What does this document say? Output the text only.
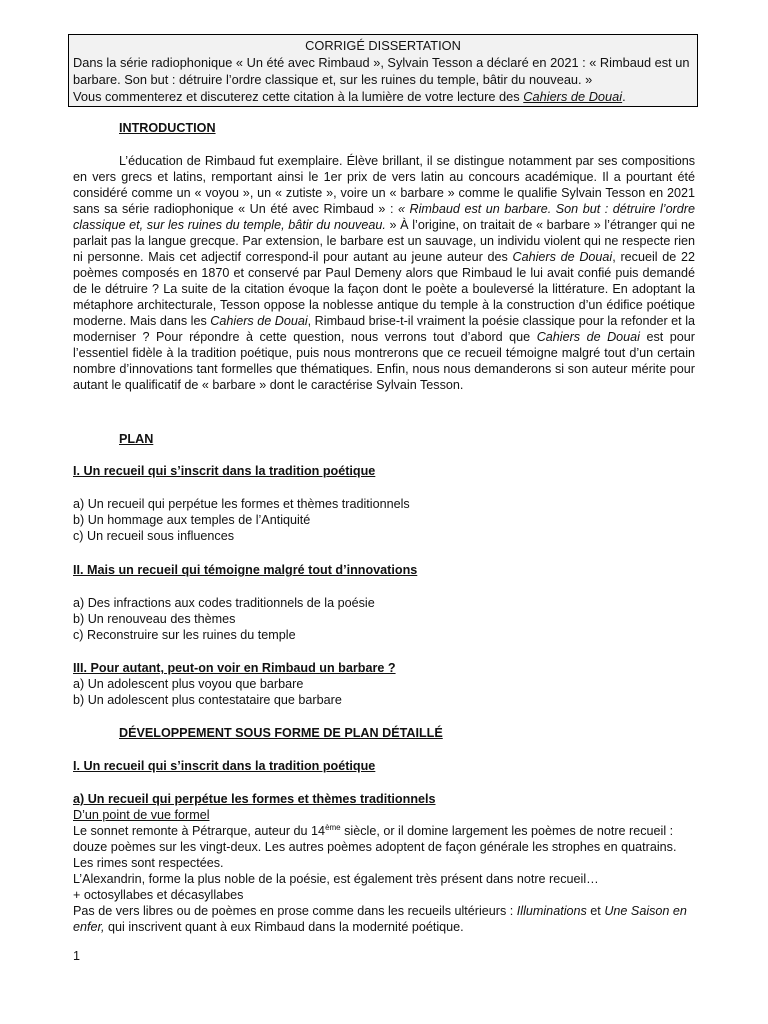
CORRIGÉ DISSERTATION
Dans la série radiophonique « Un été avec Rimbaud », Sylvain Tesson a déclaré en 2021 : « Rimbaud est un
barbare. Son but : détruire l’ordre classique et, sur les ruines du temple, bâtir du nouveau. »
Vous commenterez et discuterez cette citation à la lumière de votre lecture des Cahiers de Douai.
INTRODUCTION

L’éducation de Rimbaud fut exemplaire. Élève brillant, il se distingue notamment par ses compositions en vers grecs et latins, remportant ainsi le 1er prix de vers latin au concours académique. Il a pourtant été considéré comme un « voyou », un « zutiste », voire un « barbare » comme le qualifie Sylvain Tesson en 2021 sans sa série radiophonique « Un été avec Rimbaud » : « Rimbaud est un barbare. Son but : détruire l’ordre classique et, sur les ruines du temple, bâtir du nouveau. » À l’origine, on traitait de « barbare » l’étranger qui ne parlait pas la langue grecque. Par extension, le barbare est un sauvage, un individu violent qui ne respecte rien ni personne. Mais cet adjectif correspond-il pour autant au jeune auteur des Cahiers de Douai, recueil de 22 poèmes composés en 1870 et conservé par Paul Demeny alors que Rimbaud le lui avait confié puis demandé de le détruire ? La suite de la citation évoque la façon dont le poète a bouleversé la littérature. En adoptant la métaphore architecturale, Tesson oppose la noblesse antique du temple à la construction d’un édifice poétique moderne. Mais dans les Cahiers de Douai, Rimbaud brise-t-il vraiment la poésie classique pour la refonder et la moderniser ? Pour répondre à cette question, nous verrons tout d’abord que Cahiers de Douai est pour l’essentiel fidèle à la tradition poétique, puis nous montrerons que ce recueil témoigne malgré tout d’un certain nombre d’innovations tant formelles que thématiques. Enfin, nous nous demanderons si son auteur mérite pour autant le qualificatif de « barbare » dont le caractérise Sylvain Tesson.

PLAN
I. Un recueil qui s’inscrit dans la tradition poétique
a) Un recueil qui perpétue les formes et thèmes traditionnels
b) Un hommage aux temples de l’Antiquité
c) Un recueil sous influences
II. Mais un recueil qui témoigne malgré tout d’innovations
a) Des infractions aux codes traditionnels de la poésie
b) Un renouveau des thèmes
c) Reconstruire sur les ruines du temple
III. Pour autant, peut-on voir en Rimbaud un barbare ?
a) Un adolescent plus voyou que barbare
b) Un adolescent plus contestataire que barbare
DÉVELOPPEMENT SOUS FORME DE PLAN DÉTAILLÉ
I. Un recueil qui s’inscrit dans la tradition poétique
a) Un recueil qui perpétue les formes et thèmes traditionnels
D’un point de vue formel

Le sonnet remonte à Pétrarque, auteur du 14ème siècle, or il domine largement les poèmes de notre recueil : douze poèmes sur les vingt-deux. Les autres poèmes adoptent de façon générale les strophes en quatrains.

Les rimes sont respectées.

L’Alexandrin, forme la plus noble de la poésie, est également très présent dans notre recueil…

+ octosyllabes et décasyllabes

Pas de vers libres ou de poèmes en prose comme dans les recueils ultérieurs : Illuminations et Une Saison en enfer, qui inscrivent quant à eux Rimbaud dans la modernité poétique.

1
